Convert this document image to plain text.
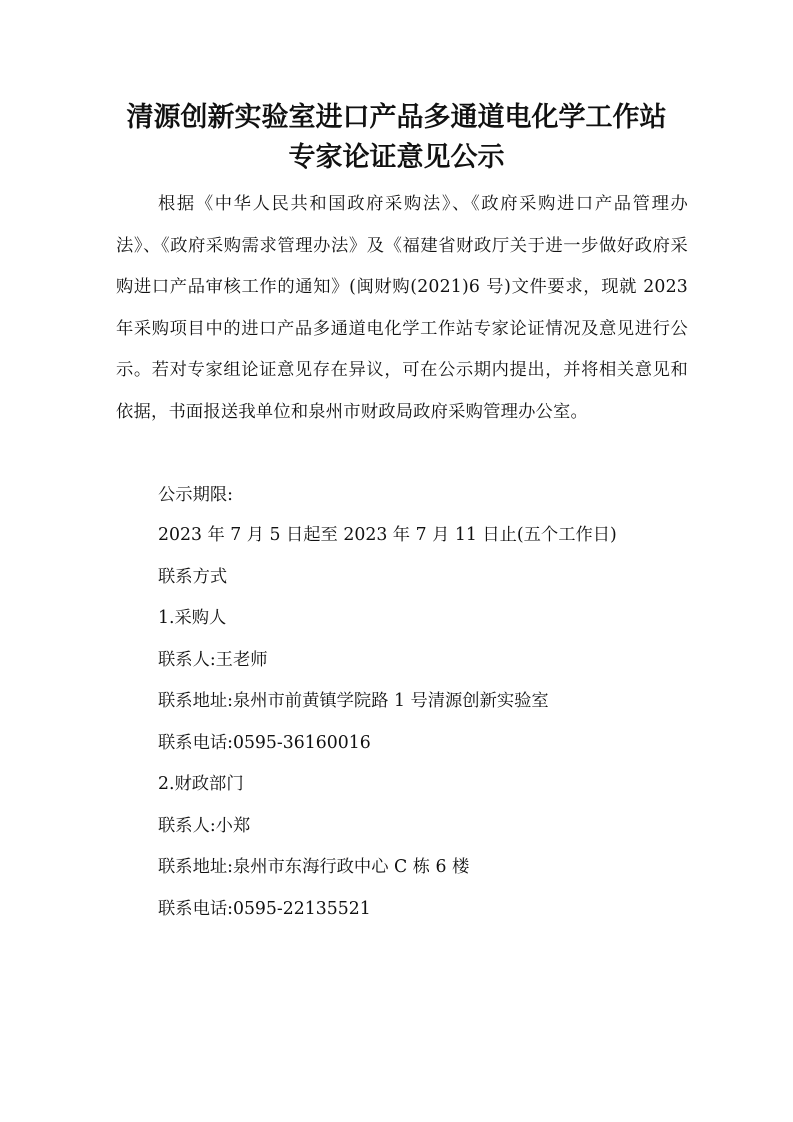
清源创新实验室进口产品多通道电化学工作站
专家论证意见公示
根据《中华人民共和国政府采购法》、《政府采购进口产品管理办法》、《政府采购需求管理办法》及《福建省财政厅关于进一步做好政府采购进口产品审核工作的通知》(闽财购(2021)6 号)文件要求，现就 2023 年采购项目中的进口产品多通道电化学工作站专家论证情况及意见进行公示。若对专家组论证意见存在异议，可在公示期内提出，并将相关意见和依据，书面报送我单位和泉州市财政局政府采购管理办公室。
公示期限:
2023 年 7 月 5 日起至 2023 年 7 月 11 日止(五个工作日)
联系方式
1.采购人
联系人:王老师
联系地址:泉州市前黄镇学院路 1 号清源创新实验室
联系电话:0595-36160016
2.财政部门
联系人:小郑
联系地址:泉州市东海行政中心 C 栋 6 楼
联系电话:0595-22135521
